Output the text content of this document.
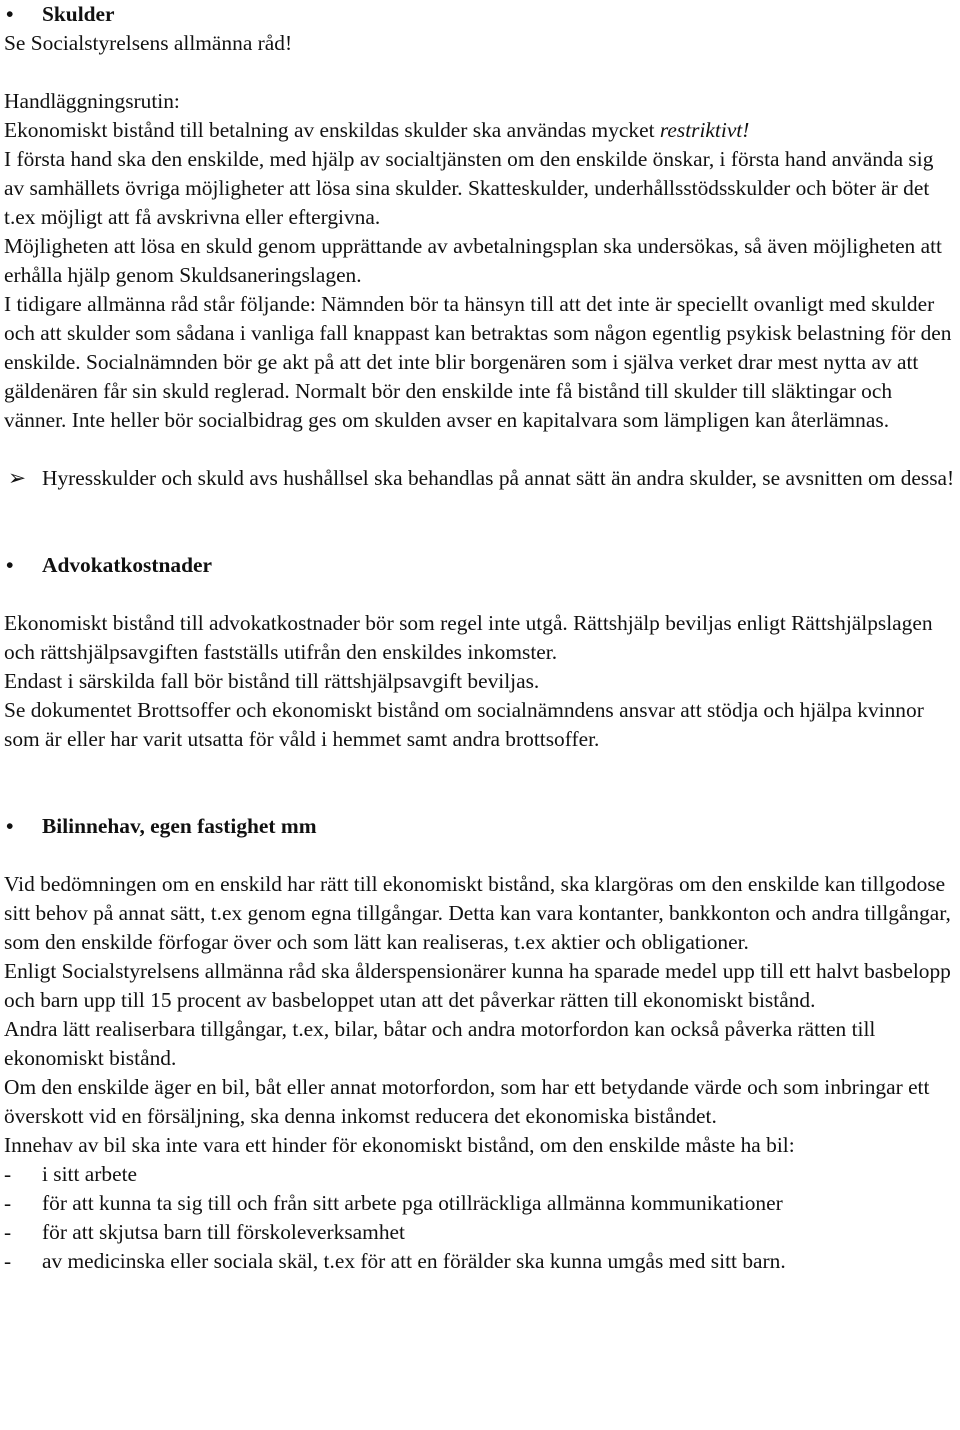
• Skulder

Se Socialstyrelsens allmänna råd!

Handläggningsrutin:

Ekonomiskt bistånd till betalning av enskildas skulder ska användas mycket restriktivt!

I första hand ska den enskilde, med hjälp av socialtjänsten om den enskilde önskar, i första hand använda sig av samhällets övriga möjligheter att lösa sina skulder. Skatteskulder, underhållsstödsskulder och böter är det t.ex möjligt att få avskrivna eller eftergivna.

Möjligheten att lösa en skuld genom upprättande av avbetalningsplan ska undersökas, så även möjligheten att erhålla hjälp genom Skuldsaneringslagen.

I tidigare allmänna råd står följande: Nämnden bör ta hänsyn till att det inte är speciellt ovanligt med skulder och att skulder som sådana i vanliga fall knappast kan betraktas som någon egentlig psykisk belastning för den enskilde. Socialnämnden bör ge akt på att det inte blir borgenären som i själva verket drar mest nytta av att gäldenären får sin skuld reglerad. Normalt bör den enskilde inte få bistånd till skulder till släktingar och vänner. Inte heller bör socialbidrag ges om skulden avser en kapitalvara som lämpligen kan återlämnas.

➢ Hyresskulder och skuld avs hushållsel ska behandlas på annat sätt än andra skulder, se avsnitten om dessa!
• Advokatkostnader

Ekonomiskt bistånd till advokatkostnader bör som regel inte utgå. Rättshjälp beviljas enligt Rättshjälpslagen och rättshjälpsavgiften fastställs utifrån den enskildes inkomster.

Endast i särskilda fall bör bistånd till rättshjälpsavgift beviljas.

Se dokumentet Brottsoffer och ekonomiskt bistånd om socialnämndens ansvar att stödja och hjälpa kvinnor som är eller har varit utsatta för våld i hemmet samt andra brottsoffer.

• Bilinnehav, egen fastighet mm

Vid bedömningen om en enskild har rätt till ekonomiskt bistånd, ska klargöras om den enskilde kan tillgodose sitt behov på annat sätt, t.ex genom egna tillgångar. Detta kan vara kontanter, bankkonton och andra tillgångar, som den enskilde förfogar över och som lätt kan realiseras, t.ex aktier och obligationer.

Enligt Socialstyrelsens allmänna råd ska ålderspensionärer kunna ha sparade medel upp till ett halvt basbelopp och barn upp till 15 procent av basbeloppet utan att det påverkar rätten till ekonomiskt bistånd.

Andra lätt realiserbara tillgångar, t.ex, bilar, båtar och andra motorfordon kan också påverka rätten till ekonomiskt bistånd.

Om den enskilde äger en bil, båt eller annat motorfordon, som har ett betydande värde och som inbringar ett överskott vid en försäljning, ska denna inkomst reducera det ekonomiska biståndet.

Innehav av bil ska inte vara ett hinder för ekonomiskt bistånd, om den enskilde måste ha bil:

- i sitt arbete
- för att kunna ta sig till och från sitt arbete pga otillräckliga allmänna kommunikationer
- för att skjutsa barn till förskoleverksamhet
- av medicinska eller sociala skäl, t.ex för att en förälder ska kunna umgås med sitt barn.
